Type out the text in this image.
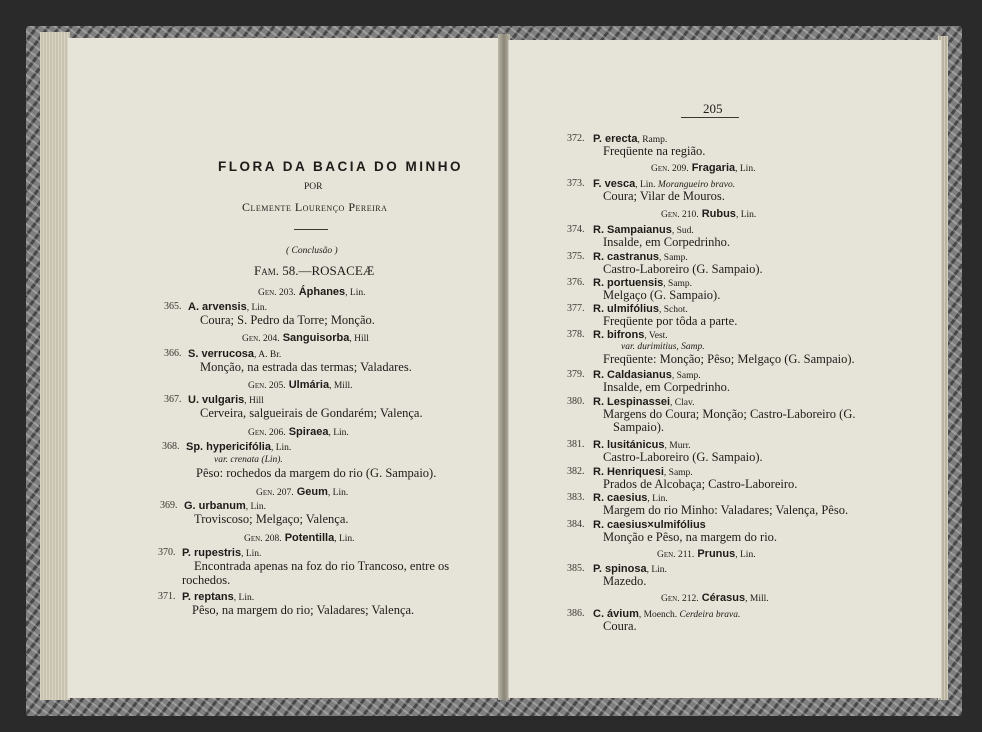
FLORA DA BACIA DO MINHO
POR
Clemente Lourenço Pereira
( Conclusão )
Fam. 58.—ROSACEÆ
Gen. 203. Áphanes, Lin.
365. A. arvensis, Lin.
Coura; S. Pedro da Torre; Monção.
Gen. 204. Sanguisorba, Hill
366. S. verrucosa, A. Br.
Monção, na estrada das termas; Valadares.
Gen. 205. Ulmária, Mill.
367. U. vulgaris, Hill
Cerveira, salgueirais de Gondarém; Valença.
Gen. 206. Spiraea, Lin.
368. Sp. hypericifólia, Lin.
var. crenata (Lin).
Pêso: rochedos da margem do rio (G. Sampaio).
Gen. 207. Geum, Lin.
369. G. urbanum, Lin.
Troviscoso; Melgaço; Valença.
Gen. 208. Potentilla, Lin.
370. P. rupestris, Lin.
Encontrada apenas na foz do rio Trancoso, entre os
rochedos.
371. P. reptans, Lin.
Pêso, na margem do rio; Valadares; Valença.
205
372. P. erecta, Ramp.
Freqüente na região.
Gen. 209. Fragaria, Lin.
373. F. vesca, Lin. Morangueiro bravo.
Coura; Vilar de Mouros.
Gen. 210. Rubus, Lin.
374. R. Sampaianus, Sud.
Insalde, em Corpedrinho.
375. R. castranus, Samp.
Castro-Laboreiro (G. Sampaio).
376. R. portuensis, Samp.
Melgaço (G. Sampaio).
377. R. ulmifólius, Schot.
Freqüente por tôda a parte.
378. R. bifrons, Vest.
var. durimitius, Samp.
Freqüente: Monção; Pêso; Melgaço (G. Sampaio).
379. R. Caldasianus, Samp.
Insalde, em Corpedrinho.
380. R. Lespinassei, Clav.
Margens do Coura; Monção; Castro-Laboreiro (G.
Sampaio).
381. R. lusitánicus, Murr.
Castro-Laboreiro (G. Sampaio).
382. R. Henriquesi, Samp.
Prados de Alcobaça; Castro-Laboreiro.
383. R. caesius, Lin.
Margem do rio Minho: Valadares; Valença, Pêso.
384. R. caesius×ulmifólius
Monção e Pêso, na margem do rio.
Gen. 211. Prunus, Lin.
385. P. spinosa, Lin.
Mazedo.
Gen. 212. Cérasus, Mill.
386. C. ávium, Moench. Cerdeira brava.
Coura.
